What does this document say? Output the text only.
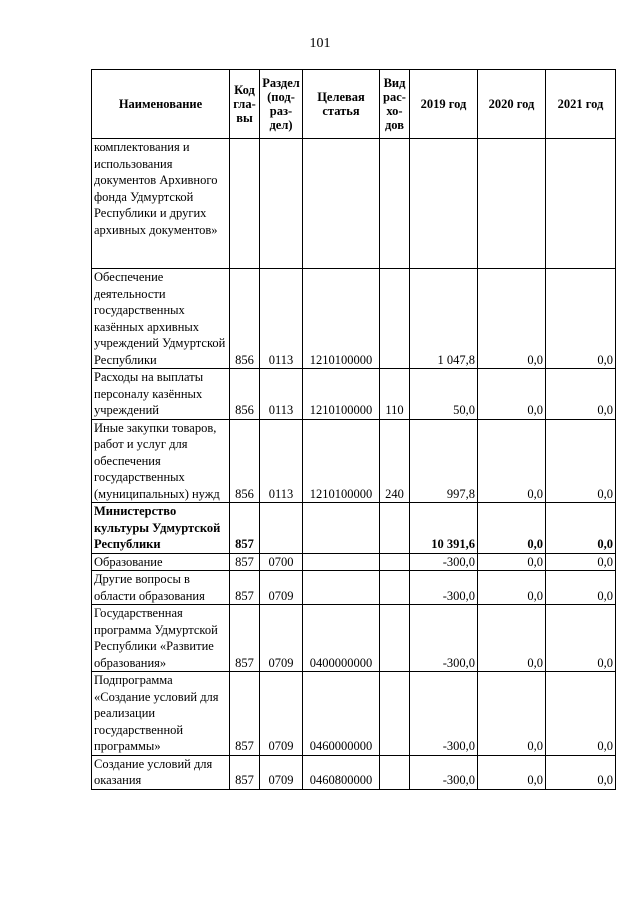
101
Наименование	Код гла-вы	Раздел (под-раз-дел)	Целевая статья	Вид рас-хо-дов	2019 год	2020 год	2021 год
комплектования и использования документов Архивного фонда Удмуртской Республики и других архивных документов»							
Обеспечение деятельности государственных казённых архивных учреждений Удмуртской Республики	856	0113	1210100000		1 047,8	0,0	0,0
Расходы на выплаты персоналу казённых учреждений	856	0113	1210100000	110	50,0	0,0	0,0
Иные закупки товаров, работ и услуг для обеспечения государственных (муниципальных) нужд	856	0113	1210100000	240	997,8	0,0	0,0
Министерство культуры Удмуртской Республики	857				10 391,6	0,0	0,0
Образование	857	0700			-300,0	0,0	0,0
Другие вопросы в области образования	857	0709			-300,0	0,0	0,0
Государственная программа Удмуртской Республики «Развитие образования»	857	0709	0400000000		-300,0	0,0	0,0
Подпрограмма «Создание условий для реализации государственной программы»	857	0709	0460000000		-300,0	0,0	0,0
Создание условий для оказания	857	0709	0460800000		-300,0	0,0	0,0
